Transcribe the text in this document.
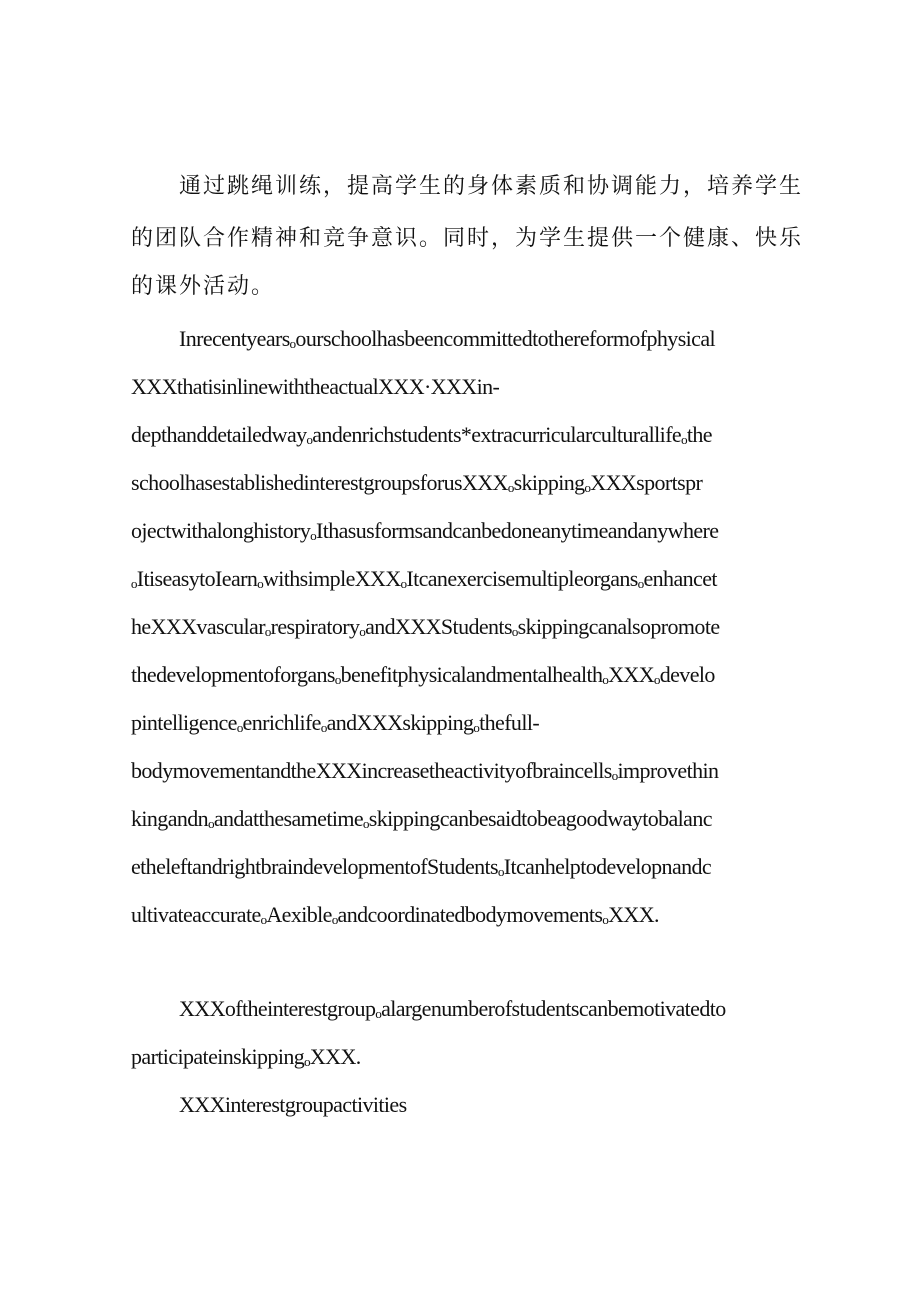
通过跳绳训练，提高学生的身体素质和协调能力，培养学生
的团队合作精神和竞争意识。同时，为学生提供一个健康、快乐
的课外活动。
Inrecentyearsₒourschoolhasbeencommittedtothereformofphysical
XXXthatisinlinewiththeactualXXX·XXXin-
depthanddetailedwayₒandenrichstudents*extracurricularculturallifeₒthe
schoolhasestablishedinterestgroupsforusXXXₒskippingₒXXXsportspr
ojectwithalonghistoryₒIthasusformsandcanbedoneanytimeandanywhere
ₒItiseasytoIearnₒwithsimpleXXXₒItcanexercisemultipleorgansₒenhancet
heXXXvascularₒrespiratoryₒandXXXStudentsₒskippingcanalsopromote
thedevelopmentoforgansₒbenefitphysicalandmentalhealthₒXXXₒdevelo
pintelligenceₒenrichlifeₒandXXXskippingₒthefull-
bodymovementandtheXXXincreasetheactivityofbraincellsₒimprovethin
kingandnₒandatthesametimeₒskippingcanbesaidtobeagoodwaytobalanc
etheleftandrightbraindevelopmentofStudentsₒItcanhelptodevelopnandc
ultivateaccurateₒAexibleₒandcoordinatedbodymovementsₒXXX.
XXXoftheinterestgroupₒalargenumberofstudentscanbemotivatedto
participateinskippingₒXXX.
XXXinterestgroupactivities
